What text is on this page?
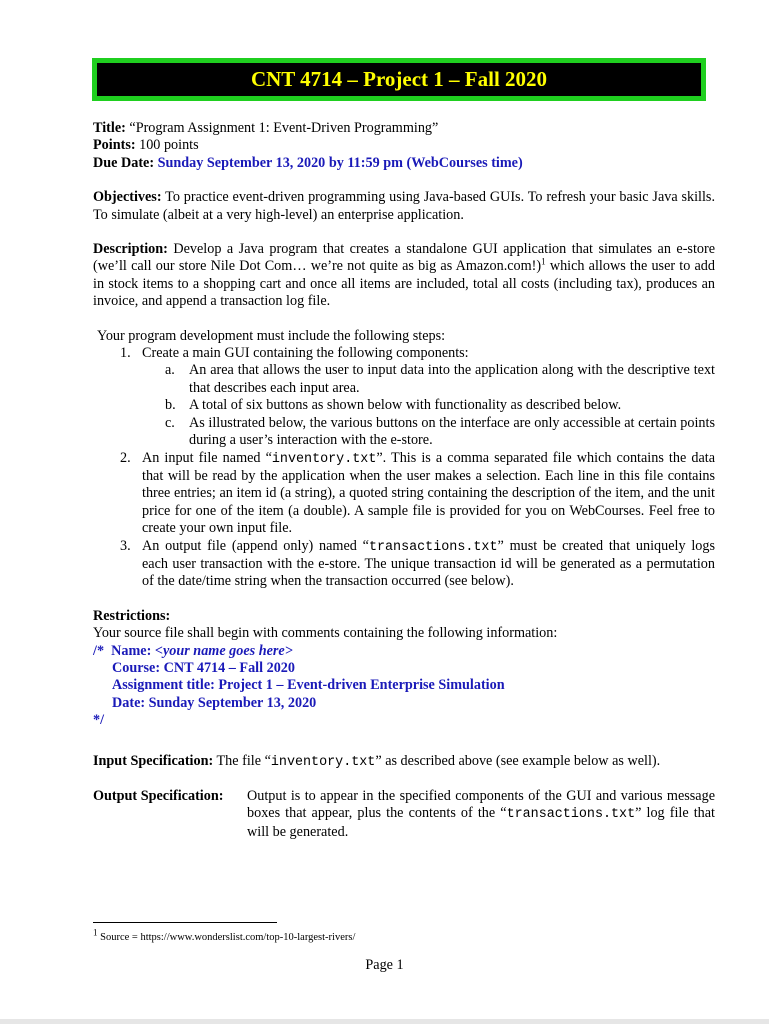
CNT 4714 – Project 1 – Fall 2020
Title: “Program Assignment 1: Event-Driven Programming”
Points: 100 points
Due Date: Sunday September 13, 2020 by 11:59 pm (WebCourses time)
Objectives: To practice event-driven programming using Java-based GUIs. To refresh your basic Java skills. To simulate (albeit at a very high-level) an enterprise application.
Description: Develop a Java program that creates a standalone GUI application that simulates an e-store (we’ll call our store Nile Dot Com… we’re not quite as big as Amazon.com!)$^1$ which allows the user to add in stock items to a shopping cart and once all items are included, total all costs (including tax), produces an invoice, and append a transaction log file.
Your program development must include the following steps:
1. Create a main GUI containing the following components:
a. An area that allows the user to input data into the application along with the descriptive text that describes each input area.
b. A total of six buttons as shown below with functionality as described below.
c. As illustrated below, the various buttons on the interface are only accessible at certain points during a user’s interaction with the e-store.
2. An input file named “inventory.txt”. This is a comma separated file which contains the data that will be read by the application when the user makes a selection. Each line in this file contains three entries; an item id (a string), a quoted string containing the description of the item, and the unit price for one of the item (a double). A sample file is provided for you on WebCourses. Feel free to create your own input file.
3. An output file (append only) named “transactions.txt” must be created that uniquely logs each user transaction with the e-store. The unique transaction id will be generated as a permutation of the date/time string when the transaction occurred (see below).
Restrictions:
Your source file shall begin with comments containing the following information:
/* Name: <your name goes here>
Course: CNT 4714 – Fall 2020
Assignment title: Project 1 – Event-driven Enterprise Simulation
Date: Sunday September 13, 2020
*/
Input Specification: The file “inventory.txt” as described above (see example below as well).
Output Specification: Output is to appear in the specified components of the GUI and various message boxes that appear, plus the contents of the “transactions.txt” log file that will be generated.
$^1$ Source = https://www.wonderslist.com/top-10-largest-rivers/
Page 1
